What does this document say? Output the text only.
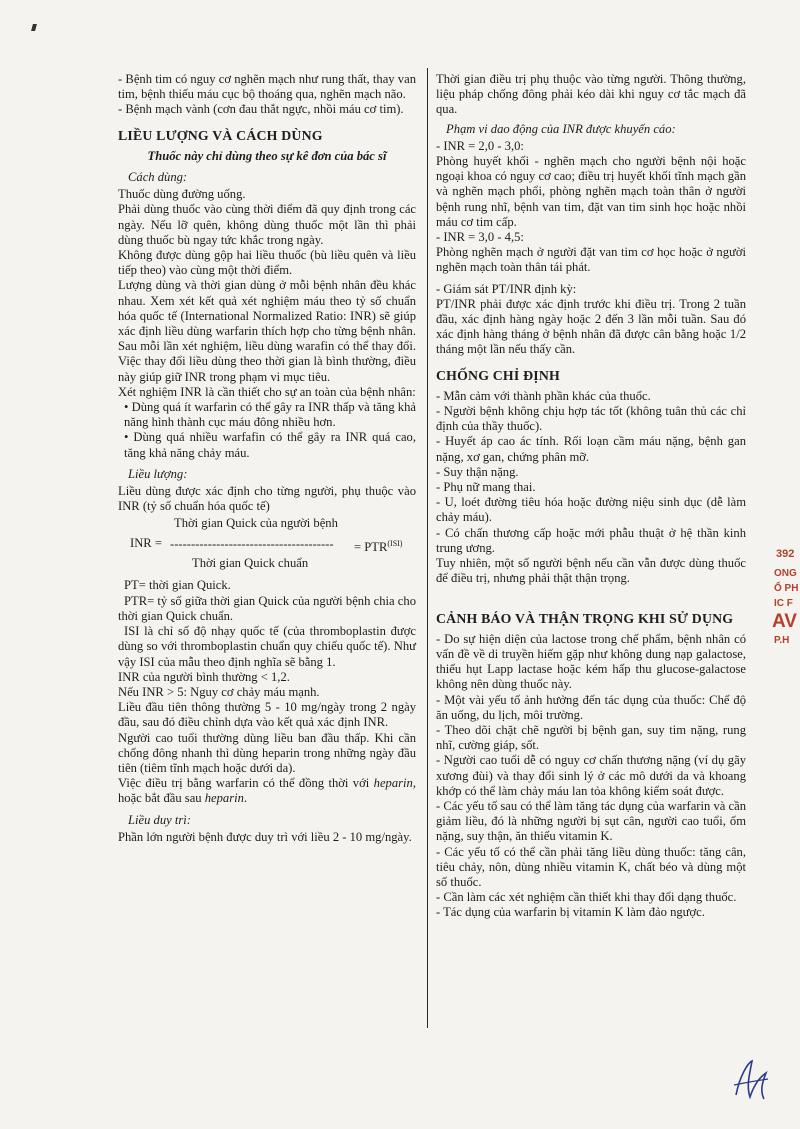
- Bệnh tim có nguy cơ nghẽn mạch như rung thất, thay van tim, bệnh thiếu máu cục bộ thoáng qua, nghẽn mạch não.

- Bệnh mạch vành (cơn đau thắt ngực, nhồi máu cơ tim).

LIỀU LƯỢNG VÀ CÁCH DÙNG
Thuốc này chỉ dùng theo sự kê đơn của bác sĩ
Cách dùng:

Thuốc dùng đường uống.

Phải dùng thuốc vào cùng thời điểm đã quy định trong các ngày. Nếu lỡ quên, không dùng thuốc một lần thì phải dùng thuốc bù ngay tức khắc trong ngày.

Không được dùng gộp hai liều thuốc (bù liều quên và liều tiếp theo) vào cùng một thời điểm.

Lượng dùng và thời gian dùng ở mỗi bệnh nhân đều khác nhau. Xem xét kết quả xét nghiệm máu theo tỷ số chuẩn hóa quốc tế (International Normalized Ratio: INR) sẽ giúp xác định liều dùng warfarin thích hợp cho từng bệnh nhân. Sau mỗi lần xét nghiệm, liều dùng warafin có thể thay đổi. Việc thay đổi liều dùng theo thời gian là bình thường, điều này giúp giữ INR trong phạm vi mục tiêu.

Xét nghiệm INR là cần thiết cho sự an toàn của bệnh nhân:

• Dùng quá ít warfarin có thể gây ra INR thấp và tăng khả năng hình thành cục máu đông nhiều hơn.

• Dùng quá nhiều warfafin có thể gây ra INR quá cao, tăng khả năng chảy máu.

Liều lượng:

Liều dùng được xác định cho từng người, phụ thuộc vào INR (tỷ số chuẩn hóa quốc tế)

Thời gian Quick của người bệnh
INR = --------------------------------------- = $PTR^{(ISI)}$
Thời gian Quick chuẩn

PT= thời gian Quick.

PTR= tỷ số giữa thời gian Quick của người bệnh chia cho thời gian Quick chuẩn.

ISI là chỉ số độ nhạy quốc tế (của thromboplastin được dùng so với thromboplastin chuẩn quy chiếu quốc tế). Như vậy ISI của mẫu theo định nghĩa sẽ bằng 1.

INR của người bình thường < 1,2.

Nếu INR > 5: Nguy cơ chảy máu mạnh.

Liều đầu tiên thông thường 5 - 10 mg/ngày trong 2 ngày đầu, sau đó điều chỉnh dựa vào kết quả xác định INR.

Người cao tuổi thường dùng liều ban đầu thấp. Khi cần chống đông nhanh thì dùng heparin trong những ngày đầu tiên (tiêm tĩnh mạch hoặc dưới da).

Việc điều trị bằng warfarin có thể đồng thời với heparin, hoặc bắt đầu sau heparin.

Liều duy trì:

Phần lớn người bệnh được duy trì với liều 2 - 10 mg/ngày.

Thời gian điều trị phụ thuộc vào từng người. Thông thường, liệu pháp chống đông phải kéo dài khi nguy cơ tắc mạch đã qua.

Phạm vi dao động của INR được khuyến cáo:

- INR = 2,0 - 3,0:

Phòng huyết khối - nghẽn mạch cho người bệnh nội hoặc ngoại khoa có nguy cơ cao; điều trị huyết khối tĩnh mạch gần và nghẽn mạch phổi, phòng nghẽn mạch toàn thân ở người bệnh rung nhĩ, bệnh van tim, đặt van tim sinh học hoặc nhồi máu cơ tim cấp.

- INR = 3,0 - 4,5:

Phòng nghẽn mạch ở người đặt van tim cơ học hoặc ở người nghẽn mạch toàn thân tái phát.

- Giám sát PT/INR định kỳ:

PT/INR phải được xác định trước khi điều trị. Trong 2 tuần đầu, xác định hàng ngày hoặc 2 đến 3 lần mỗi tuần. Sau đó xác định hàng tháng ở bệnh nhân đã được cân bằng hoặc 1/2 tháng một lần nếu thấy cần.

CHỐNG CHỈ ĐỊNH

- Mẫn cảm với thành phần khác của thuốc.

- Người bệnh không chịu hợp tác tốt (không tuân thủ các chỉ định của thầy thuốc).

- Huyết áp cao ác tính. Rối loạn cầm máu nặng, bệnh gan nặng, xơ gan, chứng phân mỡ.

- Suy thận nặng.

- Phụ nữ mang thai.

- U, loét đường tiêu hóa hoặc đường niệu sinh dục (dễ làm chảy máu).

- Có chấn thương cấp hoặc mới phẫu thuật ở hệ thần kinh trung ương.

Tuy nhiên, một số người bệnh nếu cần vẫn được dùng thuốc để điều trị, nhưng phải thật thận trọng.

CẢNH BÁO VÀ THẬN TRỌNG KHI SỬ DỤNG

- Do sự hiện diện của lactose trong chế phẩm, bệnh nhân có vấn đề về di truyền hiếm gặp như không dung nạp galactose, thiếu hụt Lapp lactase hoặc kém hấp thu glucose-galactose không nên dùng thuốc này.

- Một vài yếu tố ảnh hưởng đến tác dụng của thuốc: Chế độ ăn uống, du lịch, môi trường.

- Theo dõi chặt chẽ người bị bệnh gan, suy tim nặng, rung nhĩ, cường giáp, sốt.

- Người cao tuổi dễ có nguy cơ chấn thương nặng (ví dụ gãy xương đùi) và thay đổi sinh lý ở các mô dưới da và khoang khớp có thể làm chảy máu lan tỏa không kiểm soát được.

- Các yếu tố sau có thể làm tăng tác dụng của warfarin và cần giảm liều, đó là những người bị sụt cân, người cao tuổi, ốm nặng, suy thận, ăn thiếu vitamin K.

- Các yếu tố có thể cần phải tăng liều dùng thuốc: tăng cân, tiêu chảy, nôn, dùng nhiều vitamin K, chất béo và dùng một số thuốc.

- Cần làm các xét nghiệm cần thiết khi thay đổi dạng thuốc.

- Tác dụng của warfarin bị vitamin K làm đảo ngược.

392
ONG
Ổ PH
IC F
AV
P.H
